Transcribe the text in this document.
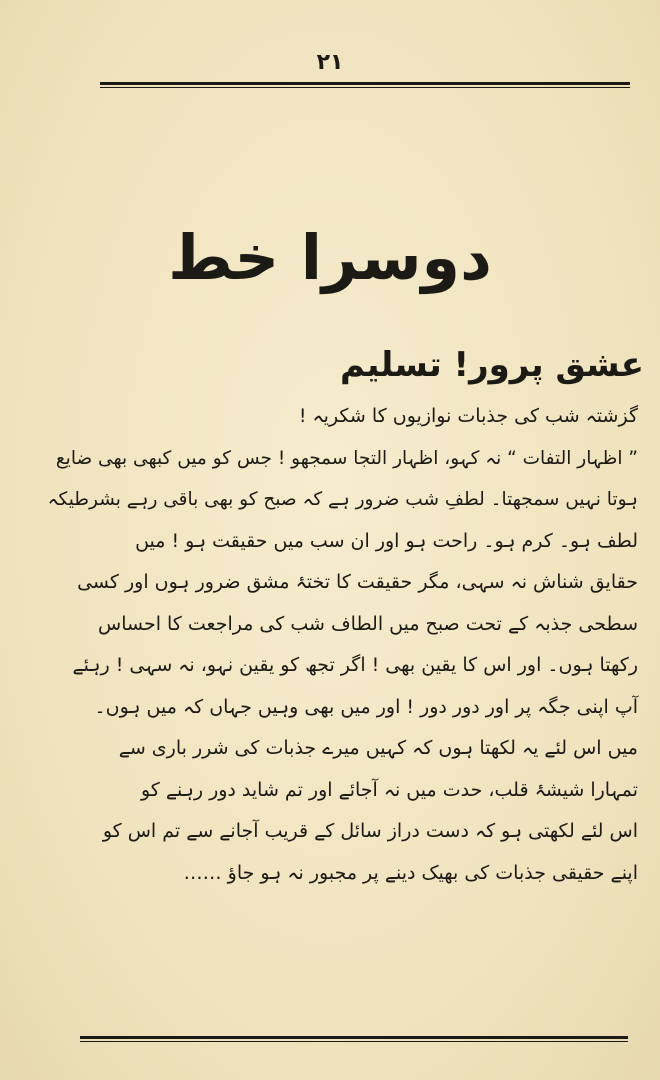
۲۱
دوسرا خط
عشق پرور! تسلیم
گزشتہ شب کی جذبات نوازیوں کا شکریہ !
” اظہار التفات “ نہ کہو، اظہار التجا سمجھو ! جس کو میں کبھی بھی ضایع
ہوتا نہیں سمجھتا۔ لطفِ شب ضرور ہے کہ صبح کو بھی باقی رہے بشرطیکہ
لطف ہو۔ کرم ہو۔ راحت ہو اور ان سب میں حقیقت ہو ! میں
حقایق شناش نہ سہی، مگر حقیقت کا تختۂ مشق ضرور ہوں اور کسی
سطحی جذبہ کے تحت صبح میں الطاف شب کی مراجعت کا احساس
رکھتا ہوں۔ اور اس کا یقین بھی ! اگر تجھ کو یقین نہو، نہ سہی ! رہئے
آپ اپنی جگہ پر اور دور دور ! اور میں بھی وہیں جہاں کہ میں ہوں۔
میں اس لئے یہ لکھتا ہوں کہ کہیں میرے جذبات کی شرر باری سے
تمہارا شیشۂ قلب، حدت میں نہ آجائے اور تم شاید دور رہنے کو
اس لئے لکھتی ہو کہ دست دراز سائل کے قریب آجانے سے تم اس کو
اپنے حقیقی جذبات کی بھیک دینے پر مجبور نہ ہو جاؤ ……
